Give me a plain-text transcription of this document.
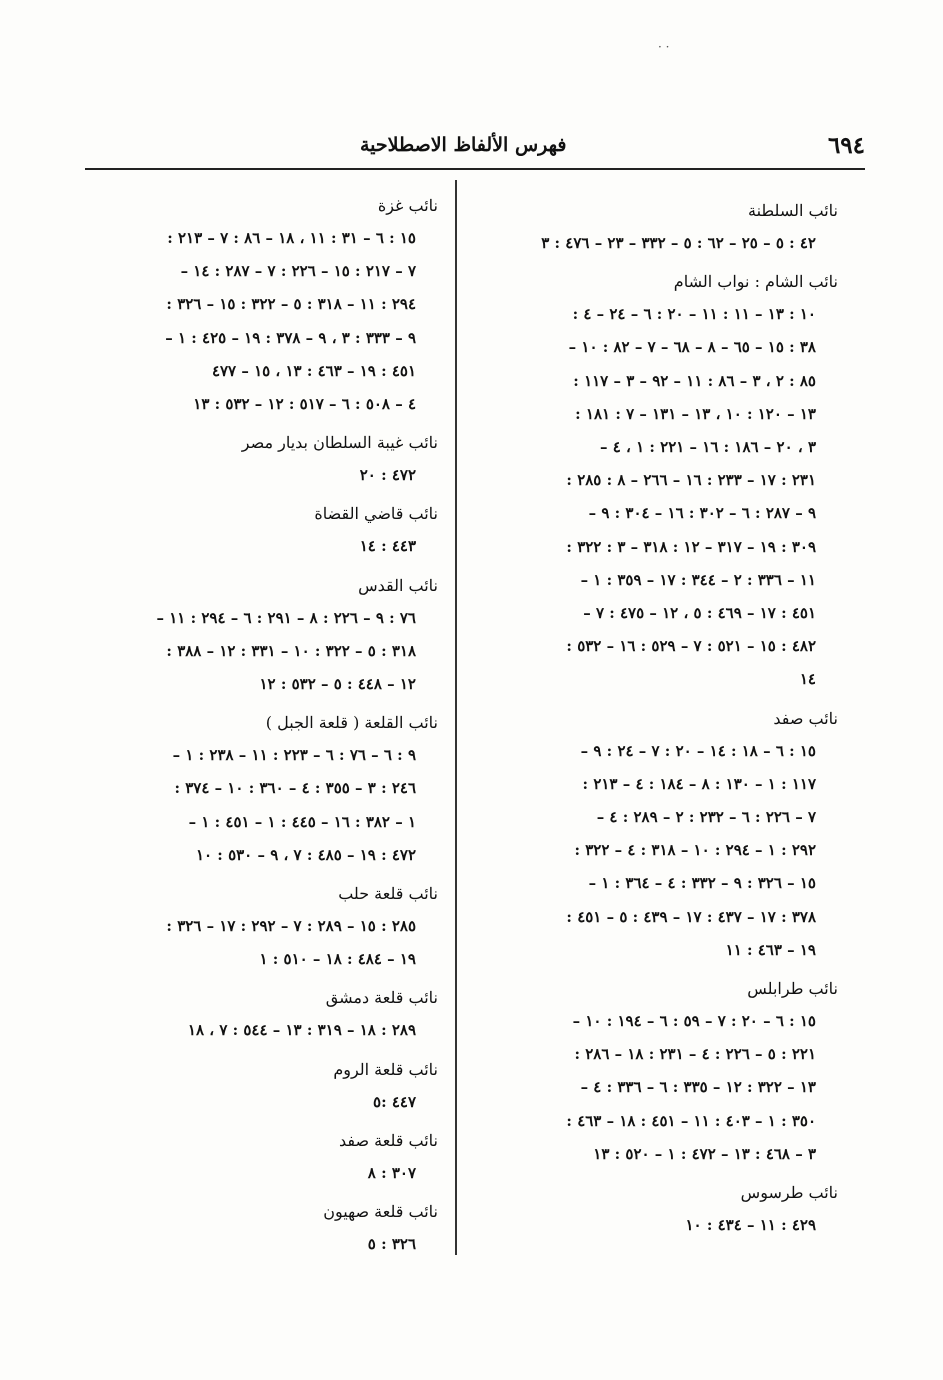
· ·
٦٩٤
فهرس الألفاظ الاصطلاحية
نائب السلطنة
٤٢ : ٥ – ٢٥ – ٦٢ : ٥ – ٣٣٢ – ٢٣ – ٤٧٦ : ٣
نائب الشام : نواب الشام
١٠ : ١٣ – ١١ : ١١ – ٢٠ : ٦ – ٢٤ – ٤ :
٣٨ : ١٥ – ٦٥ – ٨ – ٦٨ – ٧ – ٨٢ : ١٠ –
٨٥ : ٢ ، ٣ – ٨٦ : ١١ – ٩٢ – ٣ – ١١٧ :
١٣ – ١٢٠ : ١٠ ، ١٣ – ١٣١ – ٧ : ١٨١ :
٣ ، ٢٠ – ١٨٦ : ١٦ – ٢٢١ : ١ ، ٤ –
٢٣١ : ١٧ – ٢٣٣ : ١٦ – ٢٦٦ – ٨ : ٢٨٥ :
٩ – ٢٨٧ : ٦ – ٣٠٢ : ١٦ – ٣٠٤ : ٩ –
٣٠٩ : ١٩ – ٣١٧ – ١٢ : ٣١٨ – ٣ : ٣٢٢ :
١١ – ٣٣٦ : ٢ – ٣٤٤ : ١٧ – ٣٥٩ : ١ –
٤٥١ : ١٧ – ٤٦٩ : ٥ ، ١٢ – ٤٧٥ : ٧ –
٤٨٢ : ١٥ – ٥٢١ : ٧ – ٥٢٩ : ١٦ – ٥٣٢ :
١٤
نائب صفد
١٥ : ٦ – ١٨ : ١٤ – ٢٠ : ٧ – ٢٤ : ٩ –
١١٧ : ١ – ١٣٠ : ٨ – ١٨٤ : ٤ – ٢١٣ :
٧ – ٢٢٦ : ٦ – ٢٣٢ : ٢ – ٢٨٩ : ٤ –
٢٩٢ : ١ – ٢٩٤ : ١٠ – ٣١٨ : ٤ – ٣٢٢ :
١٥ – ٣٢٦ : ٩ – ٣٣٢ : ٤ – ٣٦٤ : ١ –
٣٧٨ : ١٧ – ٤٣٧ : ١٧ – ٤٣٩ : ٥ – ٤٥١ :
١٩ – ٤٦٣ : ١١
نائب طرابلس
١٥ : ٦ – ٢٠ : ٧ – ٥٩ : ٦ – ١٩٤ : ١٠ –
٢٢١ : ٥ – ٢٢٦ : ٤ – ٢٣١ : ١٨ – ٢٨٦ :
١٣ – ٣٢٢ : ١٢ – ٣٣٥ : ٦ – ٣٣٦ : ٤ –
٣٥٠ : ١ – ٤٠٣ : ١١ – ٤٥١ : ١٨ – ٤٦٣ :
٣ – ٤٦٨ : ١٣ – ٤٧٢ : ١ – ٥٢٠ : ١٣
نائب طرسوس
٤٢٩ : ١١ – ٤٣٤ : ١٠
نائب غزة
١٥ : ٦ – ٣١ : ١١ ، ١٨ – ٨٦ : ٧ – ٢١٣ :
٧ – ٢١٧ : ١٥ – ٢٢٦ : ٧ – ٢٨٧ : ١٤ –
٢٩٤ : ١١ – ٣١٨ : ٥ – ٣٢٢ : ١٥ – ٣٢٦ :
٩ – ٣٣٣ : ٣ ، ٩ – ٣٧٨ : ١٩ – ٤٢٥ : ١ –
٤٥١ : ١٩ – ٤٦٣ : ١٣ ، ١٥ – ٤٧٧
٤ – ٥٠٨ : ٦ – ٥١٧ : ١٢ – ٥٣٢ : ١٣
نائب غيبة السلطان بديار مصر
٤٧٢ : ٢٠
نائب قاضي القضاة
٤٤٣ : ١٤
نائب القدس
٧٦ : ٩ – ٢٢٦ : ٨ – ٢٩١ : ٦ – ٢٩٤ : ١١ –
٣١٨ : ٥ – ٣٢٢ : ١٠ – ٣٣١ : ١٢ – ٣٨٨ :
١٢ – ٤٤٨ : ٥ – ٥٣٢ : ١٢
نائب القلعة ( قلعة الجبل )
٩ : ٦ – ٧٦ : ٦ – ٢٢٣ : ١١ – ٢٣٨ : ١ –
٢٤٦ : ٣ – ٣٥٥ : ٤ – ٣٦٠ : ١٠ – ٣٧٤ :
١ – ٣٨٢ : ١٦ – ٤٤٥ : ١ – ٤٥١ : ١ –
٤٧٢ : ١٩ – ٤٨٥ : ٧ ، ٩ – ٥٣٠ : ١٠
نائب قلعة حلب
٢٨٥ : ١٥ – ٢٨٩ : ٧ – ٢٩٢ : ١٧ – ٣٢٦ :
١٩ – ٤٨٤ : ١٨ – ٥١٠ : ١
نائب قلعة دمشق
٢٨٩ : ١٨ – ٣١٩ : ١٣ – ٥٤٤ : ٧ ، ١٨
نائب قلعة الروم
٤٤٧ :٥
نائب قلعة صفد
٣٠٧ : ٨
نائب قلعة صهيون
٣٢٦ : ٥
